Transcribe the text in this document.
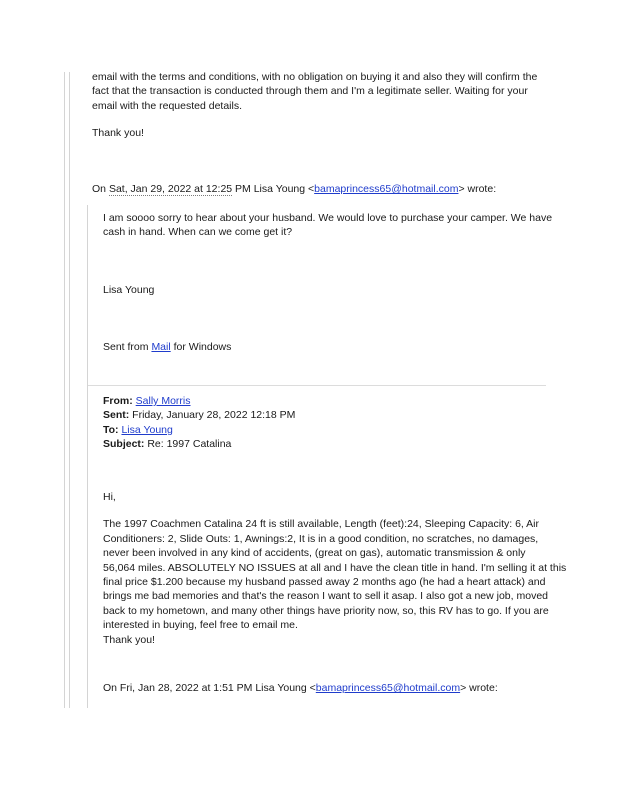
email with the terms and conditions, with no obligation on buying it and also they will confirm the

fact that the transaction is conducted through them and I'm a legitimate seller. Waiting for your

email with the requested details.

Thank you!

On Sat, Jan 29, 2022 at 12:25 PM Lisa Young <bamaprincess65@hotmail.com> wrote:

I am soooo sorry to hear about your husband. We would love to purchase your camper. We have

cash in hand. When can we come get it?

Lisa Young

Sent from Mail for Windows

From: Sally Morris

Sent: Friday, January 28, 2022 12:18 PM

To: Lisa Young

Subject: Re: 1997 Catalina

Hi,

The 1997 Coachmen Catalina 24 ft is still available, Length (feet):24, Sleeping Capacity: 6, Air

Conditioners: 2, Slide Outs: 1, Awnings:2, It is in a good condition, no scratches, no damages,

never been involved in any kind of accidents, (great on gas), automatic transmission & only

56,064 miles. ABSOLUTELY NO ISSUES at all and I have the clean title in hand. I'm selling it at this

final price $1.200 because my husband passed away 2 months ago (he had a heart attack) and

brings me bad memories and that's the reason I want to sell it asap. I also got a new job, moved

back to my hometown, and many other things have priority now, so, this RV has to go. If you are

interested in buying, feel free to email me.

Thank you!

On Fri, Jan 28, 2022 at 1:51 PM Lisa Young <bamaprincess65@hotmail.com> wrote:
